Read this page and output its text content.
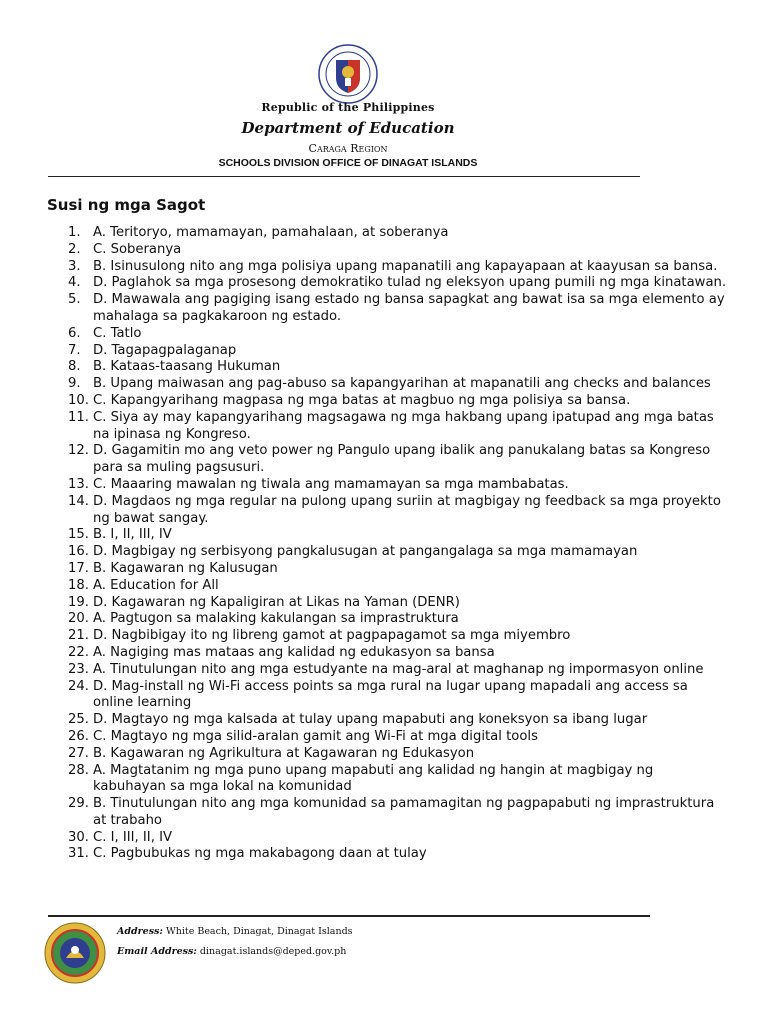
Republic of the Philippines
Department of Education
Caraga Region
SCHOOLS DIVISION OFFICE OF DINAGAT ISLANDS
Susi ng mga Sagot
1. A. Teritoryo, mamamayan, pamahalaan, at soberanya
2. C. Soberanya
3. B. Isinusulong nito ang mga polisiya upang mapanatili ang kapayapaan at kaayusan sa bansa.
4. D. Paglahok sa mga prosesong demokratiko tulad ng eleksyon upang pumili ng mga kinatawan.
5. D. Mawawala ang pagiging isang estado ng bansa sapagkat ang bawat isa sa mga elemento ay mahalaga sa pagkakaroon ng estado.
6. C. Tatlo
7. D. Tagapagpalaganap
8. B. Kataas-taasang Hukuman
9. B. Upang maiwasan ang pag-abuso sa kapangyarihan at mapanatili ang checks and balances
10. C. Kapangyarihang magpasa ng mga batas at magbuo ng mga polisiya sa bansa.
11. C. Siya ay may kapangyarihang magsagawa ng mga hakbang upang ipatupad ang mga batas na ipinasa ng Kongreso.
12. D. Gagamitin mo ang veto power ng Pangulo upang ibalik ang panukalang batas sa Kongreso para sa muling pagsusuri.
13. C. Maaaring mawalan ng tiwala ang mamamayan sa mga mambabatas.
14. D. Magdaos ng mga regular na pulong upang suriin at magbigay ng feedback sa mga proyekto ng bawat sangay.
15. B. I, II, III, IV
16. D. Magbigay ng serbisyong pangkalusugan at pangangalaga sa mga mamamayan
17. B. Kagawaran ng Kalusugan
18. A. Education for All
19. D. Kagawaran ng Kapaligiran at Likas na Yaman (DENR)
20. A. Pagtugon sa malaking kakulangan sa imprastruktura
21. D. Nagbibigay ito ng libreng gamot at pagpapagamot sa mga miyembro
22. A. Nagiging mas mataas ang kalidad ng edukasyon sa bansa
23. A. Tinutulungan nito ang mga estudyante na mag-aral at maghanap ng impormasyon online
24. D. Mag-install ng Wi-Fi access points sa mga rural na lugar upang mapadali ang access sa online learning
25. D. Magtayo ng mga kalsada at tulay upang mapabuti ang koneksyon sa ibang lugar
26. C. Magtayo ng mga silid-aralan gamit ang Wi-Fi at mga digital tools
27. B. Kagawaran ng Agrikultura at Kagawaran ng Edukasyon
28. A. Magtatanim ng mga puno upang mapabuti ang kalidad ng hangin at magbigay ng kabuhayan sa mga lokal na komunidad
29. B. Tinutulungan nito ang mga komunidad sa pamamagitan ng pagpapabuti ng imprastruktura at trabaho
30. C. I, III, II, IV
31. C. Pagbubukas ng mga makabagong daan at tulay
Address: White Beach, Dinagat, Dinagat Islands
Email Address: dinagat.islands@deped.gov.ph
